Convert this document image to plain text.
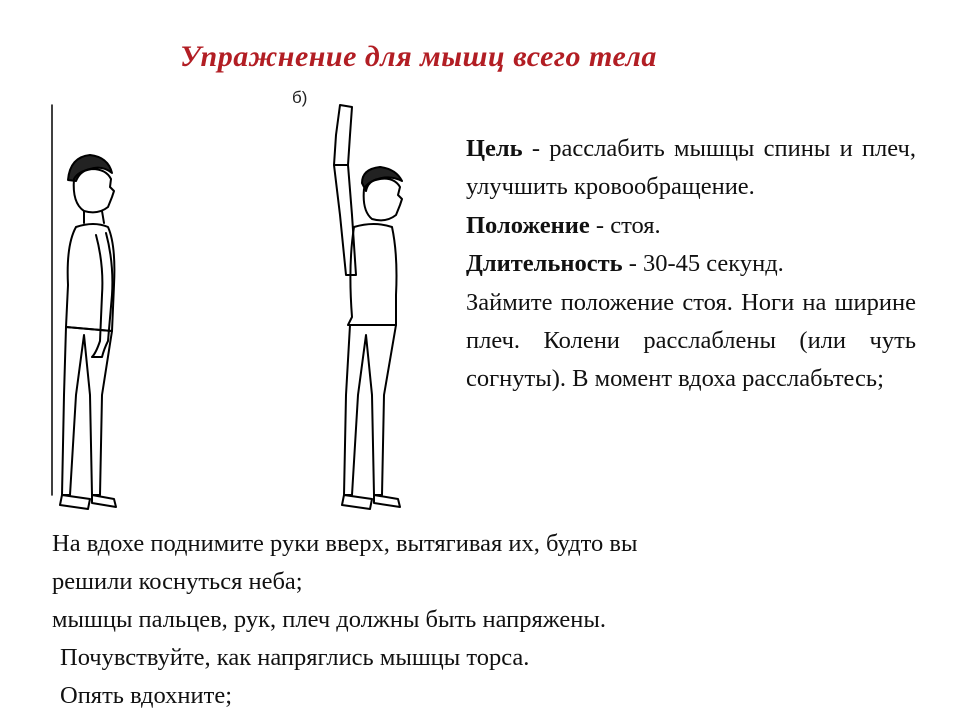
Упражнение для мышц всего тела
б)

Цель - расслабить мышцы спины и плеч, улучшить кровообращение.

Положение - стоя.

Длительность - 30-45 секунд.

Займите положение стоя. Ноги на ширине плеч. Колени расслаблены (или чуть согнуты). В момент вдоха расслабьтесь;

На вдохе поднимите руки вверх, вытягивая их, будто вы

решили коснуться неба;

мышцы пальцев, рук, плеч должны быть напряжены.

Почувствуйте, как напряглись мышцы торса.

Опять вдохните;
